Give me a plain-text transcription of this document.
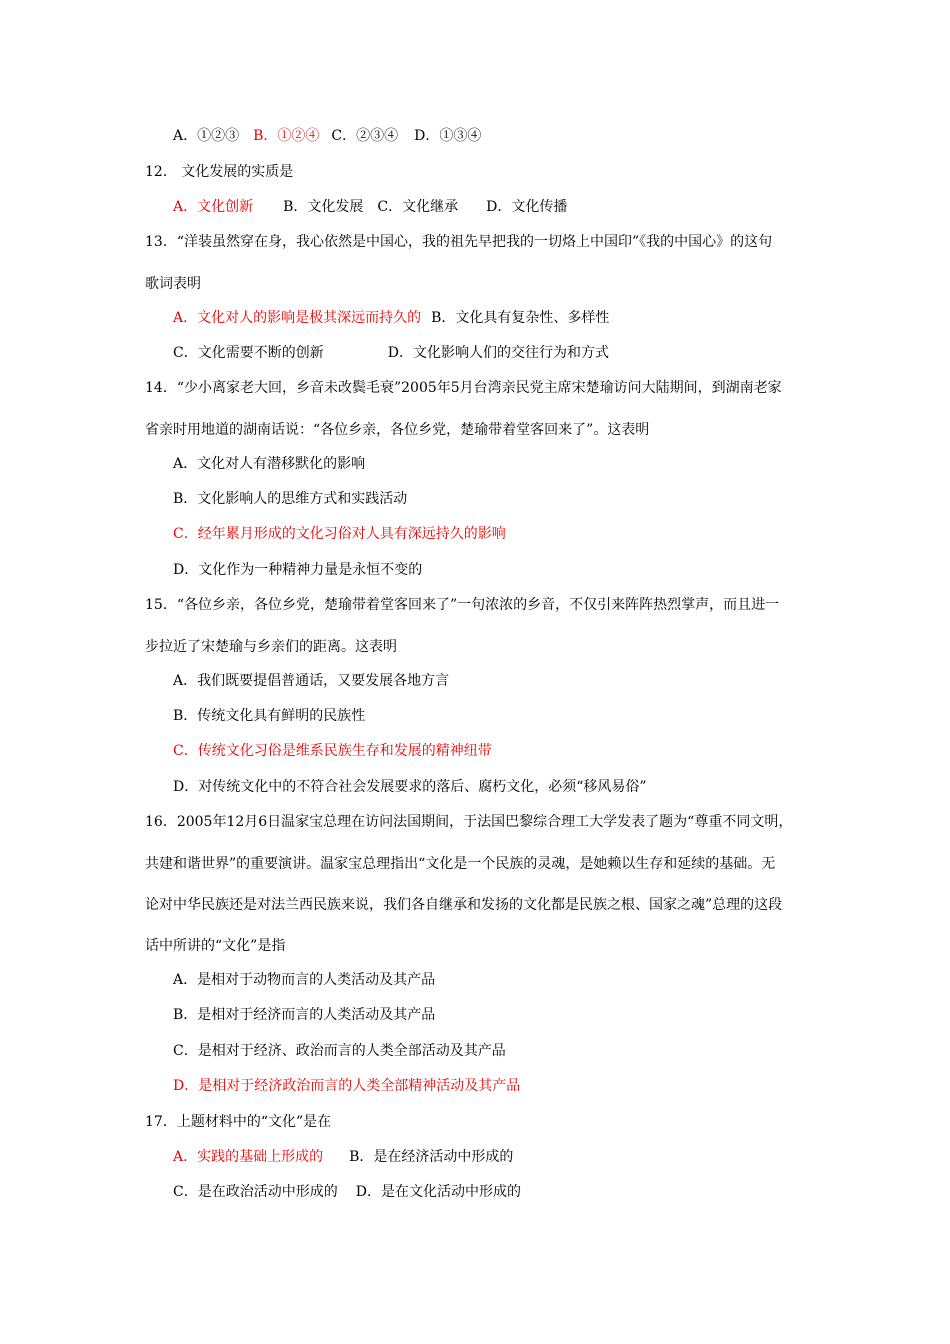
A．①②③ B．①②④ C．②③④ D．①③④
12． 文化发展的实质是
A．文化创新 B．文化发展 C．文化继承 D．文化传播
13．“洋装虽然穿在身，我心依然是中国心，我的祖先早把我的一切烙上中国印”《我的中国心》的这句
歌词表明
A．文化对人的影响是极其深远而持久的 B．文化具有复杂性、多样性
C．文化需要不断的创新	D．文化影响人们的交往行为和方式
14．“少小离家老大回，乡音未改鬓毛衰”2005年5月台湾亲民党主席宋楚瑜访问大陆期间，到湖南老家
省亲时用地道的湖南话说：“各位乡亲，各位乡党，楚瑜带着堂客回来了”。这表明
A．文化对人有潜移默化的影响
B．文化影响人的思维方式和实践活动
C．经年累月形成的文化习俗对人具有深远持久的影响
D．文化作为一种精神力量是永恒不变的
15．“各位乡亲，各位乡党，楚瑜带着堂客回来了”一句浓浓的乡音，不仅引来阵阵热烈掌声，而且进一
步拉近了宋楚瑜与乡亲们的距离。这表明
A．我们既要提倡普通话，又要发展各地方言
B．传统文化具有鲜明的民族性
C．传统文化习俗是维系民族生存和发展的精神纽带
D．对传统文化中的不符合社会发展要求的落后、腐朽文化，必须“移风易俗”
16．2005年12月6日温家宝总理在访问法国期间，于法国巴黎综合理工大学发表了题为“尊重不同文明，
共建和谐世界”的重要演讲。温家宝总理指出“文化是一个民族的灵魂，是她赖以生存和延续的基础。无
论对中华民族还是对法兰西民族来说，我们各自继承和发扬的文化都是民族之根、国家之魂”总理的这段
话中所讲的“文化”是指
A．是相对于动物而言的人类活动及其产品
B．是相对于经济而言的人类活动及其产品
C．是相对于经济、政治而言的人类全部活动及其产品
D．是相对于经济政治而言的人类全部精神活动及其产品
17．上题材料中的“文化”是在
A．实践的基础上形成的 B．是在经济活动中形成的
C．是在政治活动中形成的 D．是在文化活动中形成的
